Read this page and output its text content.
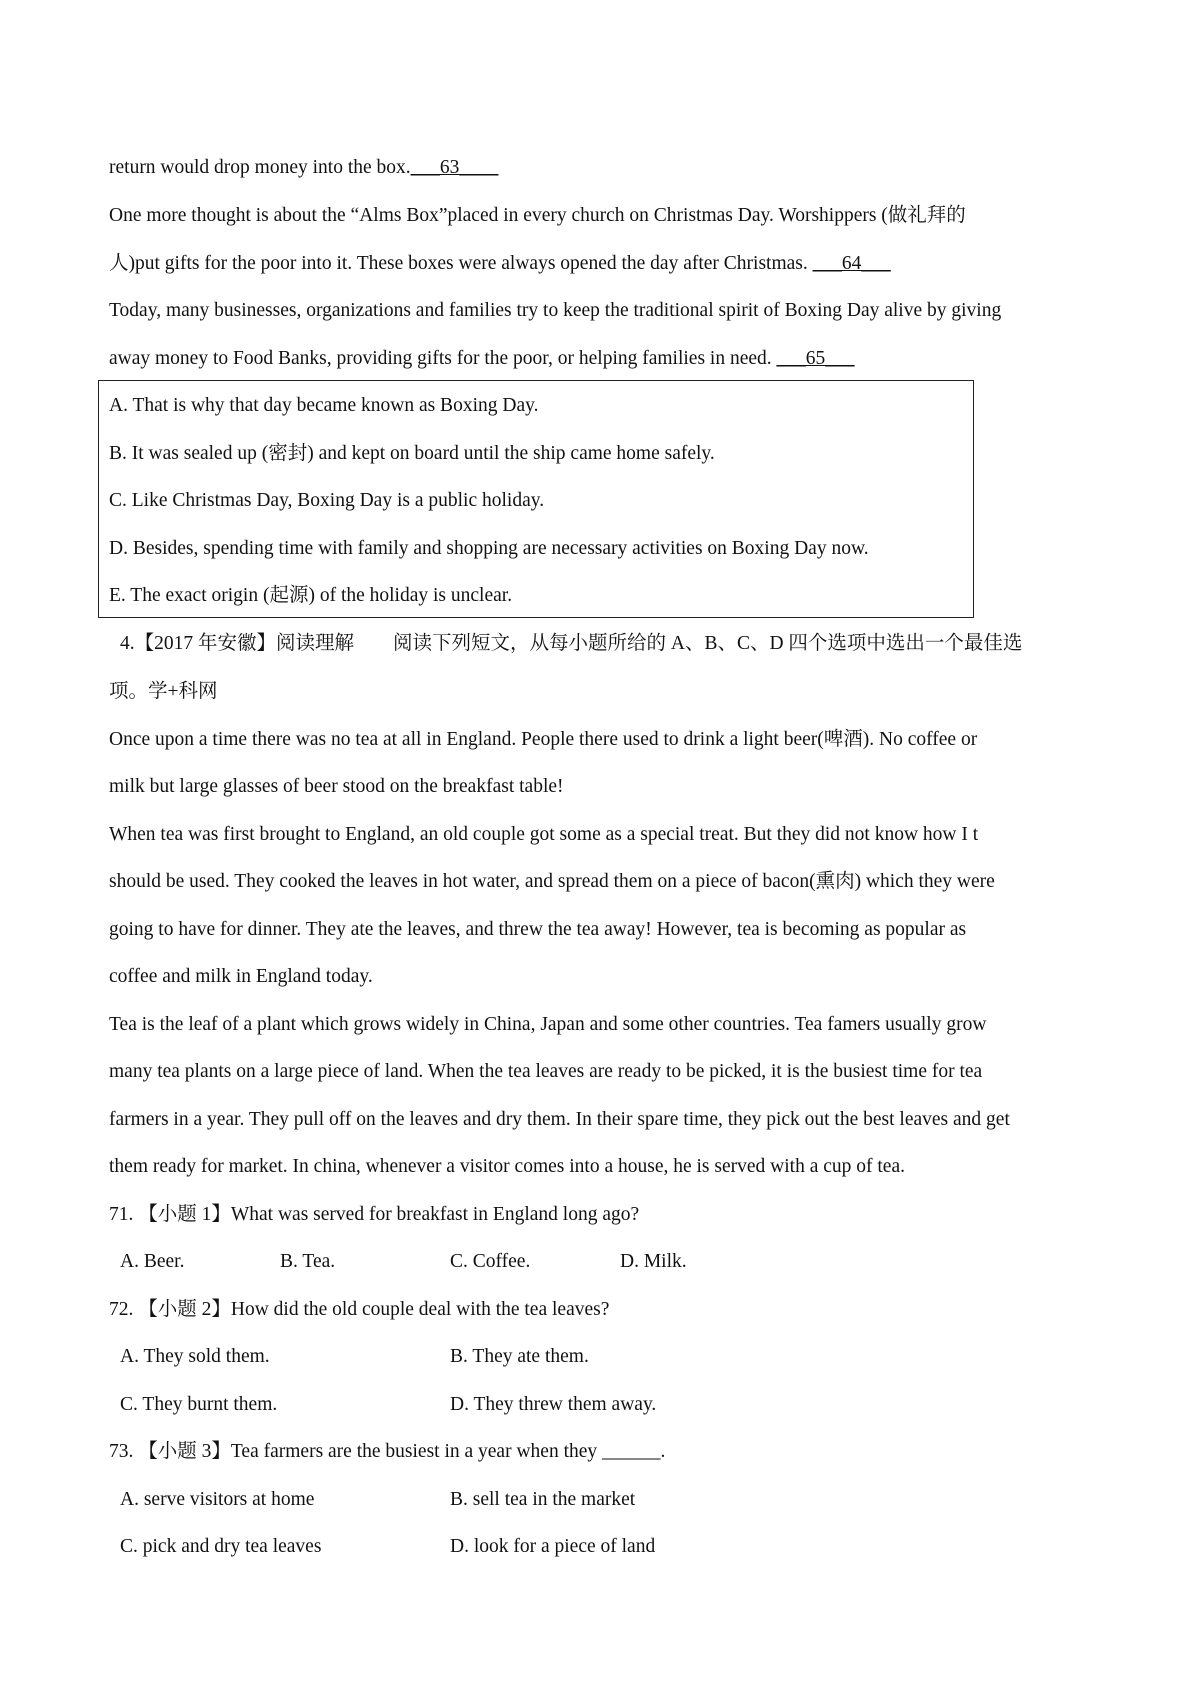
return would drop money into the box.___63____
One more thought is about the “Alms Box”placed in every church on Christmas Day. Worshippers (做礼拜的
人)put gifts for the poor into it. These boxes were always opened the day after Christmas. ___64___
Today, many businesses, organizations and families try to keep the traditional spirit of Boxing Day alive by giving
away money to Food Banks, providing gifts for the poor, or helping families in need. ___65___
A. That is why that day became known as Boxing Day.
B. It was sealed up (密封) and kept on board until the ship came home safely.
C. Like Christmas Day, Boxing Day is a public holiday.
D. Besides, spending time with family and shopping are necessary activities on Boxing Day now.
E. The exact origin (起源) of the holiday is unclear.
4.【2017 年安徽】阅读理解　　阅读下列短文，从每小题所给的 A、B、C、D 四个选项中选出一个最佳选
项。学+科网
Once upon a time there was no tea at all in England. People there used to drink a light beer(啤酒). No coffee or
milk but large glasses of beer stood on the breakfast table!
When tea was first brought to England, an old couple got some as a special treat. But they did not know how I t
should be used. They cooked the leaves in hot water, and spread them on a piece of bacon(熏肉) which they were
going to have for dinner. They ate the leaves, and threw the tea away! However, tea is becoming as popular as
coffee and milk in England today.
Tea is the leaf of a plant which grows widely in China, Japan and some other countries. Tea famers usually grow
many tea plants on a large piece of land. When the tea leaves are ready to be picked, it is the busiest time for tea
farmers in a year. They pull off on the leaves and dry them. In their spare time, they pick out the best leaves and get
them ready for market. In china, whenever a visitor comes into a house, he is served with a cup of tea.
71. 【小题 1】What was served for breakfast in England long ago?
A. Beer.	B. Tea.	C. Coffee.	D. Milk.
72. 【小题 2】How did the old couple deal with the tea leaves?
A. They sold them.	B. They ate them.
C. They burnt them.	D. They threw them away.
73. 【小题 3】Tea farmers are the busiest in a year when they ______.
A. serve visitors at home	B. sell tea in the market
C. pick and dry tea leaves	D. look for a piece of land
